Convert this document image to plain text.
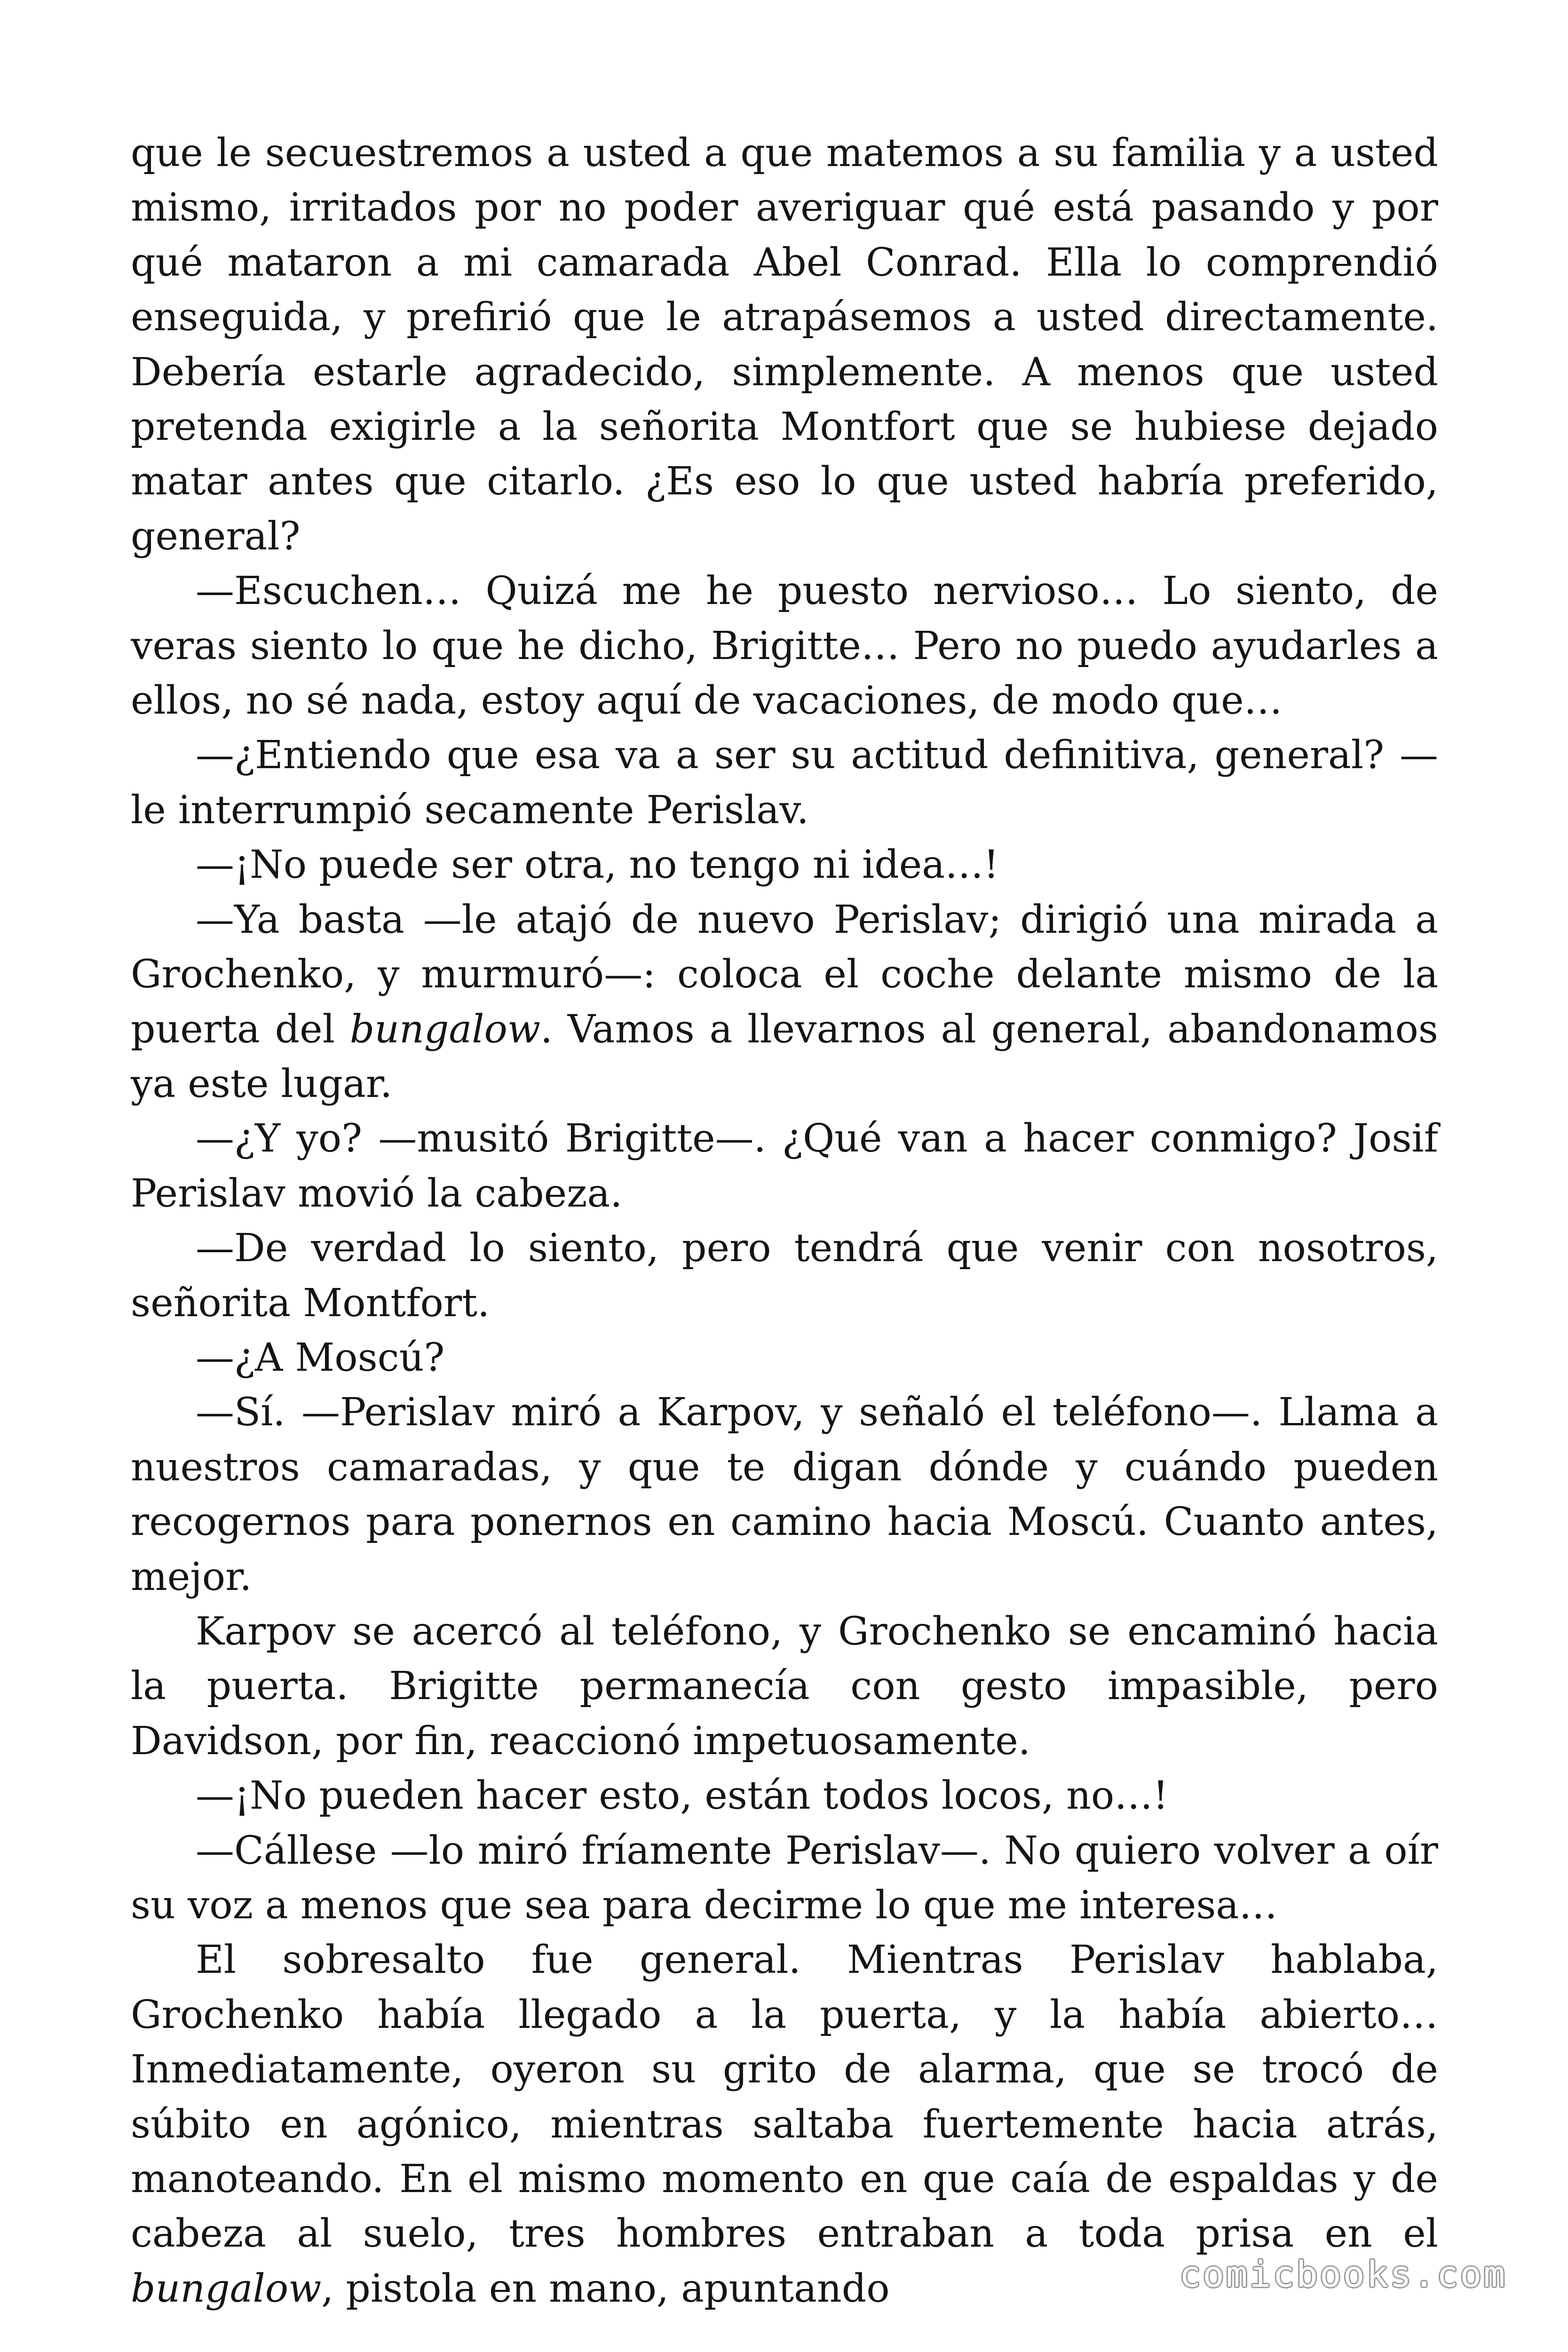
que le secuestremos a usted a que matemos a su familia y a usted mismo, irritados por no poder averiguar qué está pasando y por qué mataron a mi camarada Abel Conrad. Ella lo comprendió enseguida, y prefirió que le atrapásemos a usted directamente. Debería estarle agradecido, simplemente. A menos que usted pretenda exigirle a la señorita Montfort que se hubiese dejado matar antes que citarlo. ¿Es eso lo que usted habría preferido, general?

—Escuchen… Quizá me he puesto nervioso… Lo siento, de veras siento lo que he dicho, Brigitte… Pero no puedo ayudarles a ellos, no sé nada, estoy aquí de vacaciones, de modo que…

—¿Entiendo que esa va a ser su actitud definitiva, general? —le interrumpió secamente Perislav.

—¡No puede ser otra, no tengo ni idea…!

—Ya basta —le atajó de nuevo Perislav; dirigió una mirada a Grochenko, y murmuró—: coloca el coche delante mismo de la puerta del bungalow. Vamos a llevarnos al general, abandonamos ya este lugar.

—¿Y yo? —musitó Brigitte—. ¿Qué van a hacer conmigo? Josif Perislav movió la cabeza.

—De verdad lo siento, pero tendrá que venir con nosotros, señorita Montfort.

—¿A Moscú?

—Sí. —Perislav miró a Karpov, y señaló el teléfono—. Llama a nuestros camaradas, y que te digan dónde y cuándo pueden recogernos para ponernos en camino hacia Moscú. Cuanto antes, mejor.

Karpov se acercó al teléfono, y Grochenko se encaminó hacia la puerta. Brigitte permanecía con gesto impasible, pero Davidson, por fin, reaccionó impetuosamente.

—¡No pueden hacer esto, están todos locos, no…!

—Cállese —lo miró fríamente Perislav—. No quiero volver a oír su voz a menos que sea para decirme lo que me interesa…

El sobresalto fue general. Mientras Perislav hablaba, Grochenko había llegado a la puerta, y la había abierto… Inmediatamente, oyeron su grito de alarma, que se trocó de súbito en agónico, mientras saltaba fuertemente hacia atrás, manoteando. En el mismo momento en que caía de espaldas y de cabeza al suelo, tres hombres entraban a toda prisa en el bungalow, pistola en mano, apuntando	comicbooks.com
